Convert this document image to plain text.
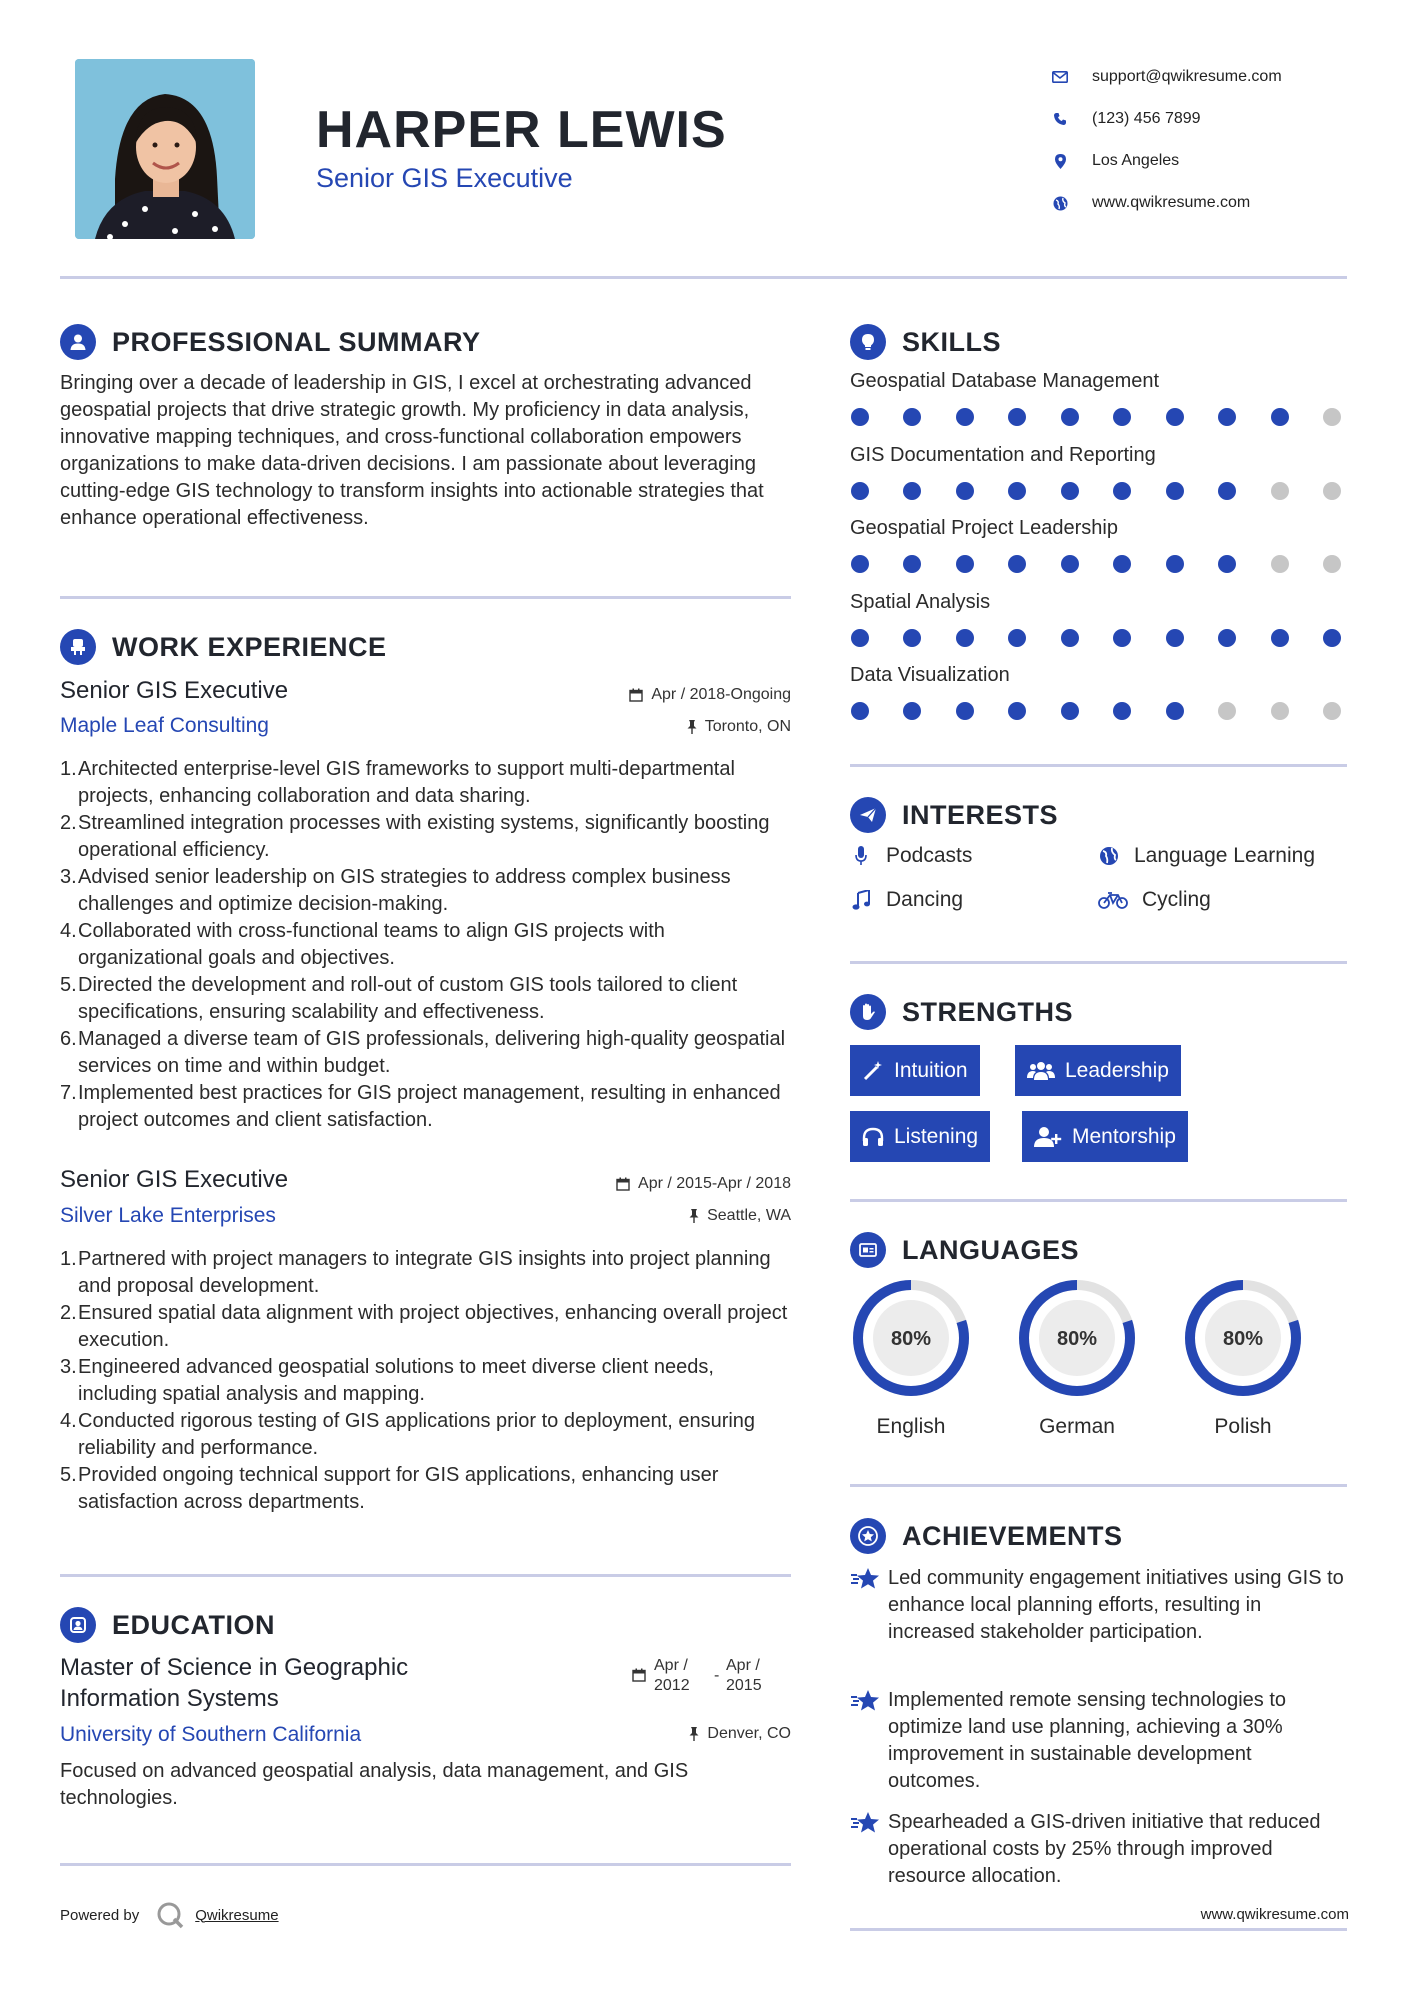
HARPER LEWIS
Senior GIS Executive
support@qwikresume.com
(123) 456 7899
Los Angeles
www.qwikresume.com
PROFESSIONAL SUMMARY
Bringing over a decade of leadership in GIS, I excel at orchestrating advanced geospatial projects that drive strategic growth. My proficiency in data analysis, innovative mapping techniques, and cross-functional collaboration empowers organizations to make data-driven decisions. I am passionate about leveraging cutting-edge GIS technology to transform insights into actionable strategies that enhance operational effectiveness.
WORK EXPERIENCE
Senior GIS Executive	Apr / 2018-Ongoing
Maple Leaf Consulting	Toronto, ON
Architected enterprise-level GIS frameworks to support multi-departmental projects, enhancing collaboration and data sharing.
Streamlined integration processes with existing systems, significantly boosting operational efficiency.
Advised senior leadership on GIS strategies to address complex business challenges and optimize decision-making.
Collaborated with cross-functional teams to align GIS projects with organizational goals and objectives.
Directed the development and roll-out of custom GIS tools tailored to client specifications, ensuring scalability and effectiveness.
Managed a diverse team of GIS professionals, delivering high-quality geospatial services on time and within budget.
Implemented best practices for GIS project management, resulting in enhanced project outcomes and client satisfaction.
Senior GIS Executive	Apr / 2015-Apr / 2018
Silver Lake Enterprises	Seattle, WA
Partnered with project managers to integrate GIS insights into project planning and proposal development.
Ensured spatial data alignment with project objectives, enhancing overall project execution.
Engineered advanced geospatial solutions to meet diverse client needs, including spatial analysis and mapping.
Conducted rigorous testing of GIS applications prior to deployment, ensuring reliability and performance.
Provided ongoing technical support for GIS applications, enhancing user satisfaction across departments.
EDUCATION
Master of Science in Geographic Information Systems
Apr / 2012
-
Apr / 2015
University of Southern California	Denver, CO
Focused on advanced geospatial analysis, data management, and GIS technologies.
SKILLS
Geospatial Database Management
GIS Documentation and Reporting
Geospatial Project Leadership
Spatial Analysis
Data Visualization
INTERESTS
Podcasts	Language Learning
Dancing	Cycling
STRENGTHS
Intuition	Leadership
Listening	Mentorship
LANGUAGES
80%
English
80%
German
80%
Polish
ACHIEVEMENTS
Led community engagement initiatives using GIS to enhance local planning efforts, resulting in increased stakeholder participation.
Implemented remote sensing technologies to optimize land use planning, achieving a 30% improvement in sustainable development outcomes.
Spearheaded a GIS-driven initiative that reduced operational costs by 25% through improved resource allocation.
Powered by	Qwikresume	www.qwikresume.com
